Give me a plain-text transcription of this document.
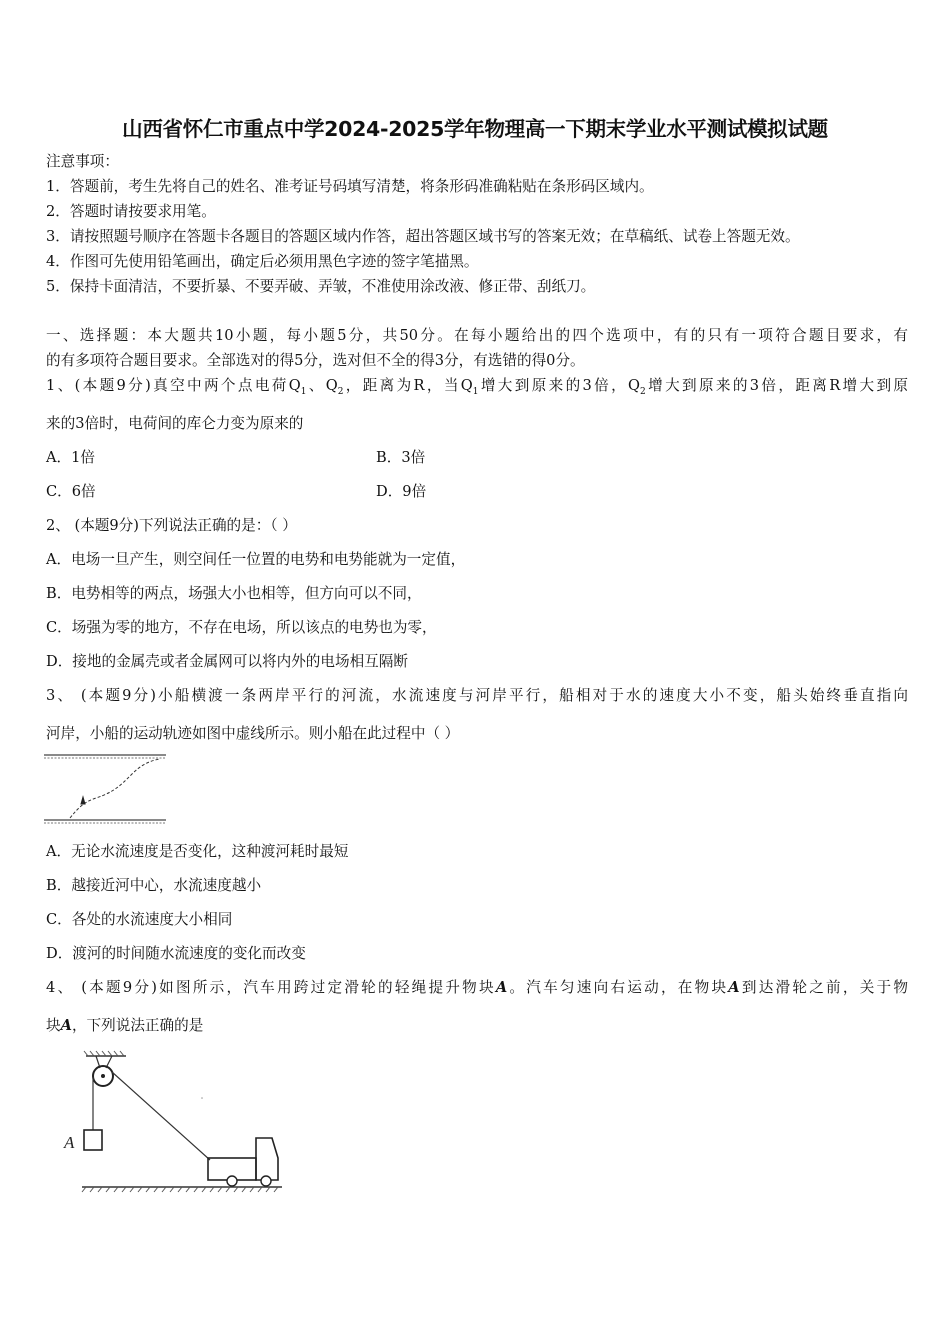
山西省怀仁市重点中学2024-2025学年物理高一下期末学业水平测试模拟试题
注意事项：
1．答题前，考生先将自己的姓名、准考证号码填写清楚，将条形码准确粘贴在条形码区域内。
2．答题时请按要求用笔。
3．请按照题号顺序在答题卡各题目的答题区域内作答，超出答题区域书写的答案无效；在草稿纸、试卷上答题无效。
4．作图可先使用铅笔画出，确定后必须用黑色字迹的签字笔描黑。
5．保持卡面清洁，不要折暴、不要弄破、弄皱，不准使用涂改液、修正带、刮纸刀。
一、选择题：本大题共10小题，每小题5分，共50分。在每小题给出的四个选项中，有的只有一项符合题目要求，有
的有多项符合题目要求。全部选对的得5分，选对但不全的得3分，有选错的得0分。
1、(本题9分)真空中两个点电荷$Q_1$、$Q_2$，距离为R，当$Q_1$增大到原来的3倍，$Q_2$增大到原来的3倍，距离R增大到原
来的3倍时，电荷间的库仑力变为原来的
A．1倍	B．3倍
C．6倍	D．9倍
2、 (本题9分)下列说法正确的是：（ ）
A．电场一旦产生，则空间任一位置的电势和电势能就为一定值，
B．电势相等的两点，场强大小也相等，但方向可以不同，
C．场强为零的地方，不存在电场，所以该点的电势也为零，
D．接地的金属壳或者金属网可以将内外的电场相互隔断
3、 (本题9分)小船横渡一条两岸平行的河流，水流速度与河岸平行，船相对于水的速度大小不变，船头始终垂直指向
河岸，小船的运动轨迹如图中虚线所示。则小船在此过程中（ ）
A．无论水流速度是否变化，这种渡河耗时最短
B．越接近河中心，水流速度越小
C．各处的水流速度大小相同
D．渡河的时间随水流速度的变化而改变
4、 (本题9分)如图所示，汽车用跨过定滑轮的轻绳提升物块A。汽车匀速向右运动，在物块A到达滑轮之前，关于物
块A，下列说法正确的是
A
